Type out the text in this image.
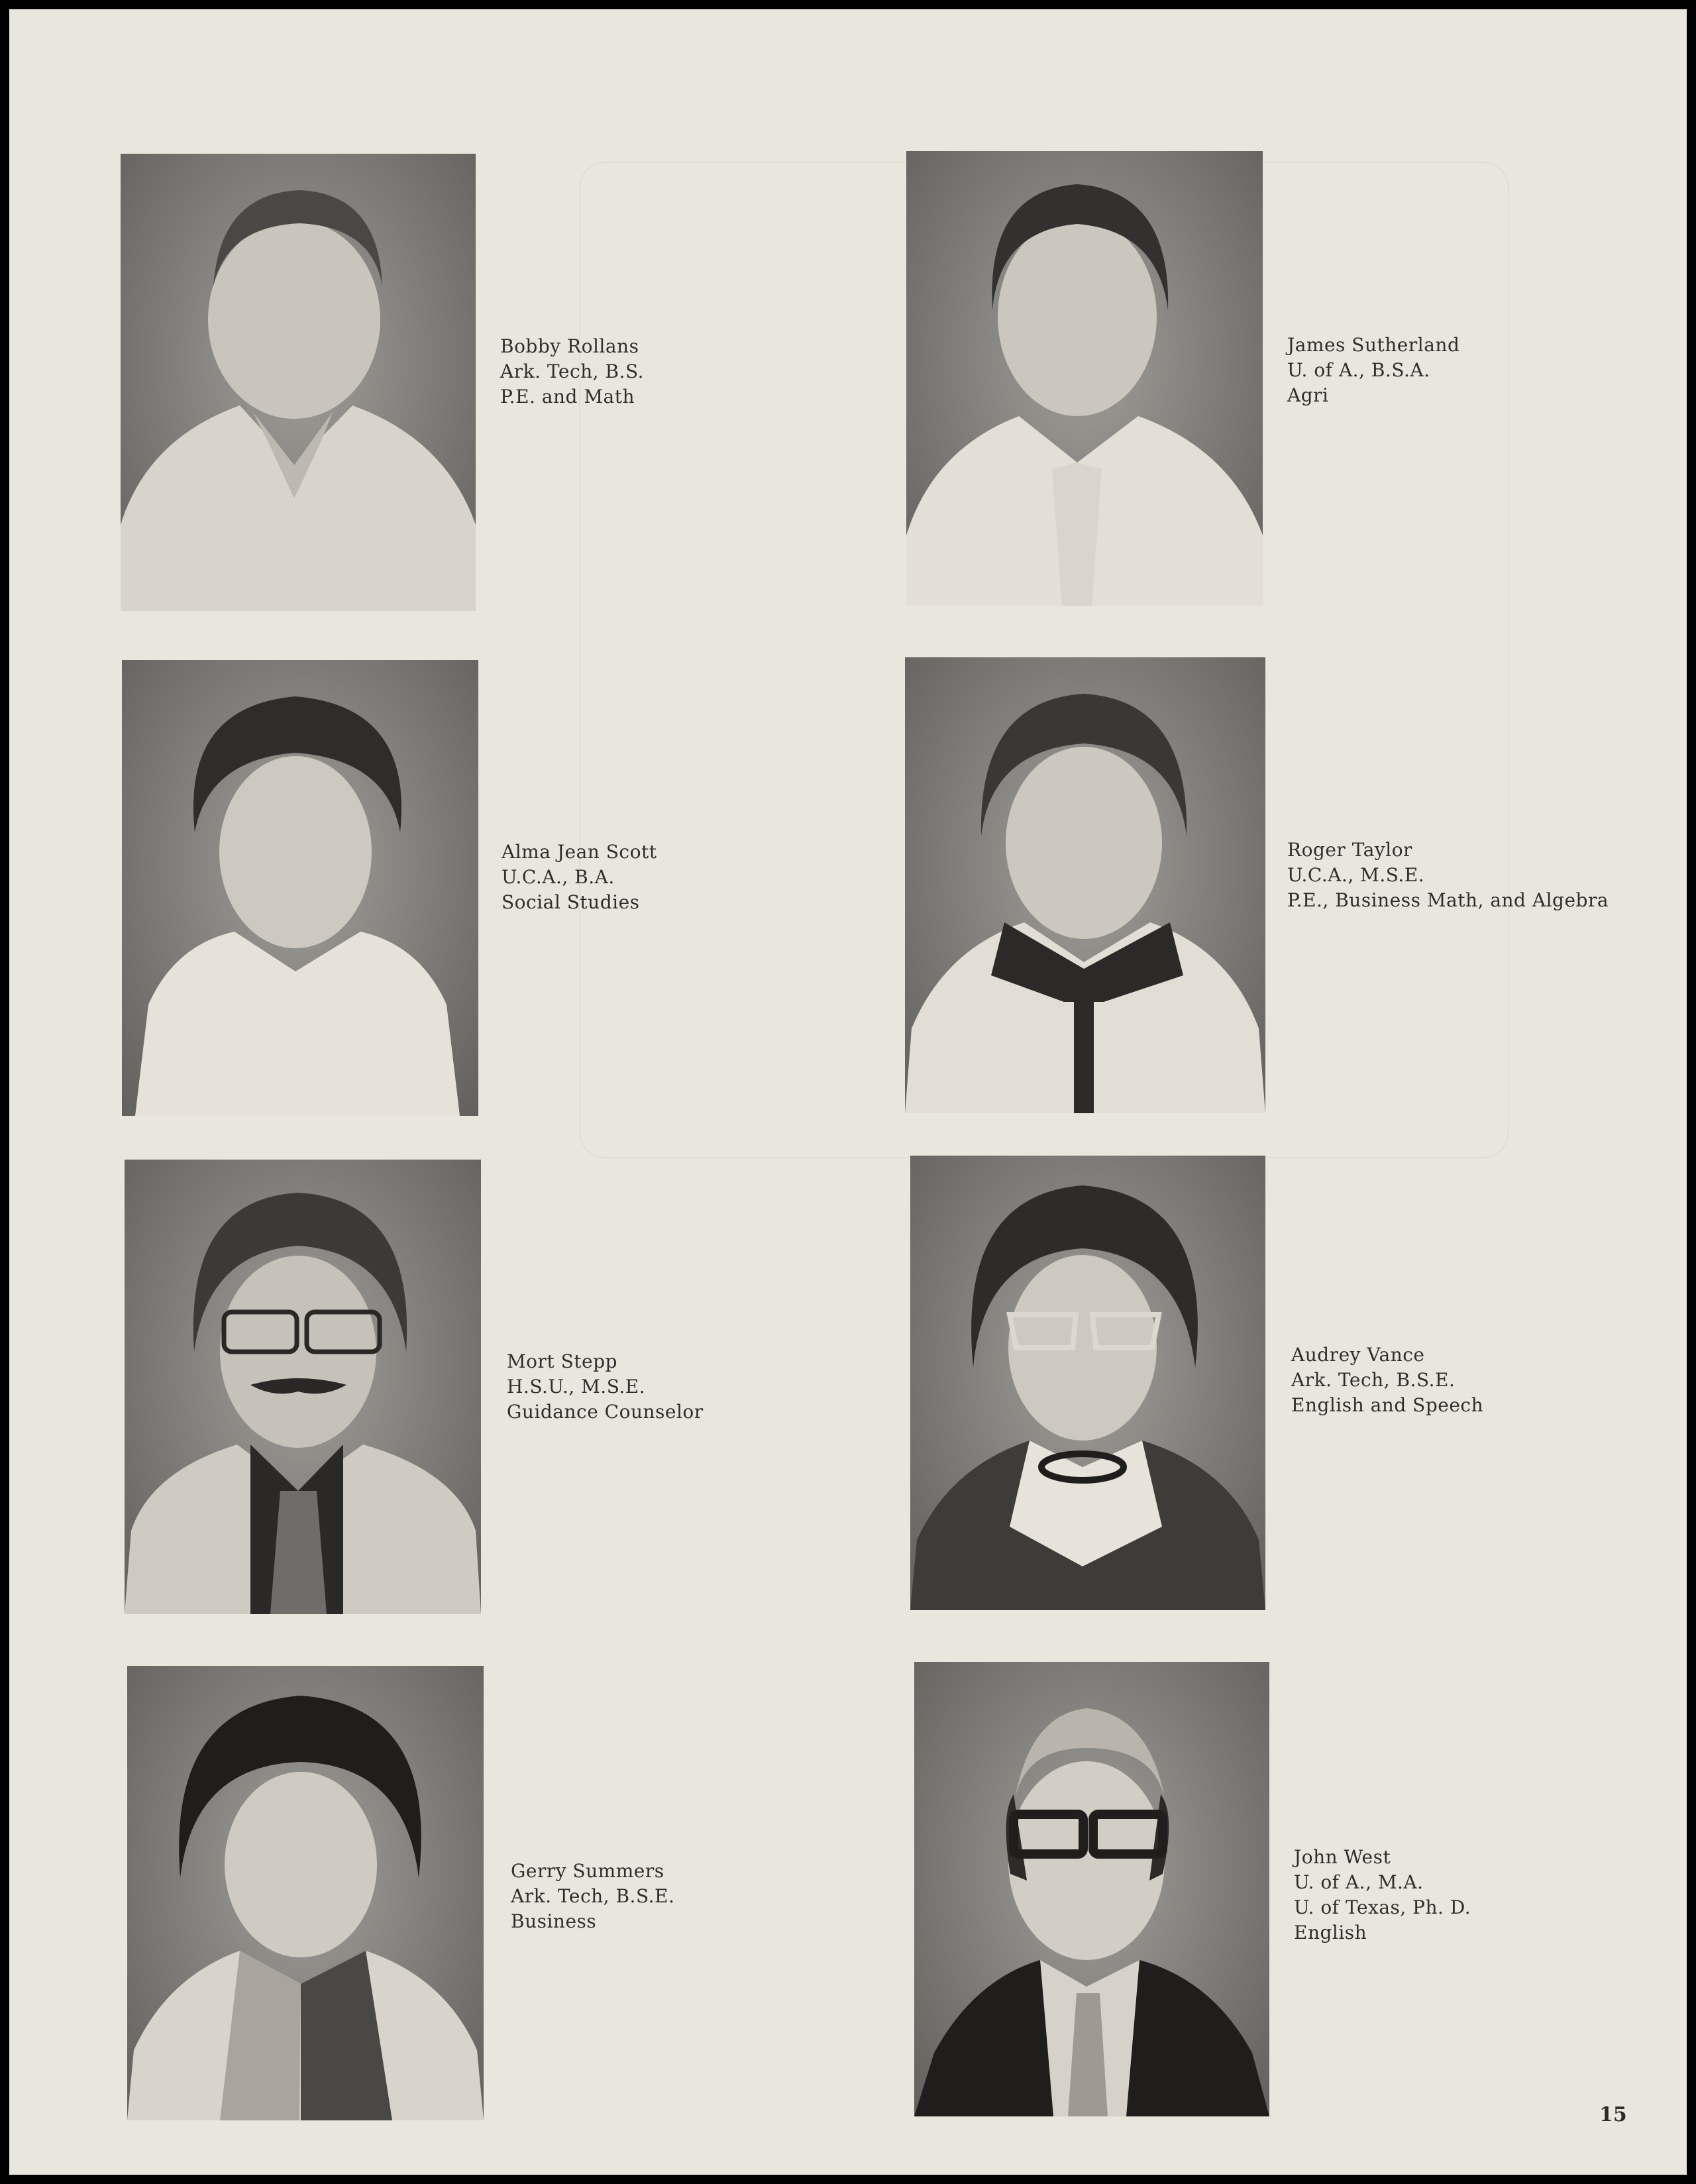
Bobby Rollans
Ark. Tech, B.S.
P.E. and Math
James Sutherland
U. of A., B.S.A.
Agri
Alma Jean Scott
U.C.A., B.A.
Social Studies
Roger Taylor
U.C.A., M.S.E.
P.E., Business Math, and Algebra
Mort Stepp
H.S.U., M.S.E.
Guidance Counselor
Audrey Vance
Ark. Tech, B.S.E.
English and Speech
Gerry Summers
Ark. Tech, B.S.E.
Business
John West
U. of A., M.A.
U. of Texas, Ph. D.
English
15
